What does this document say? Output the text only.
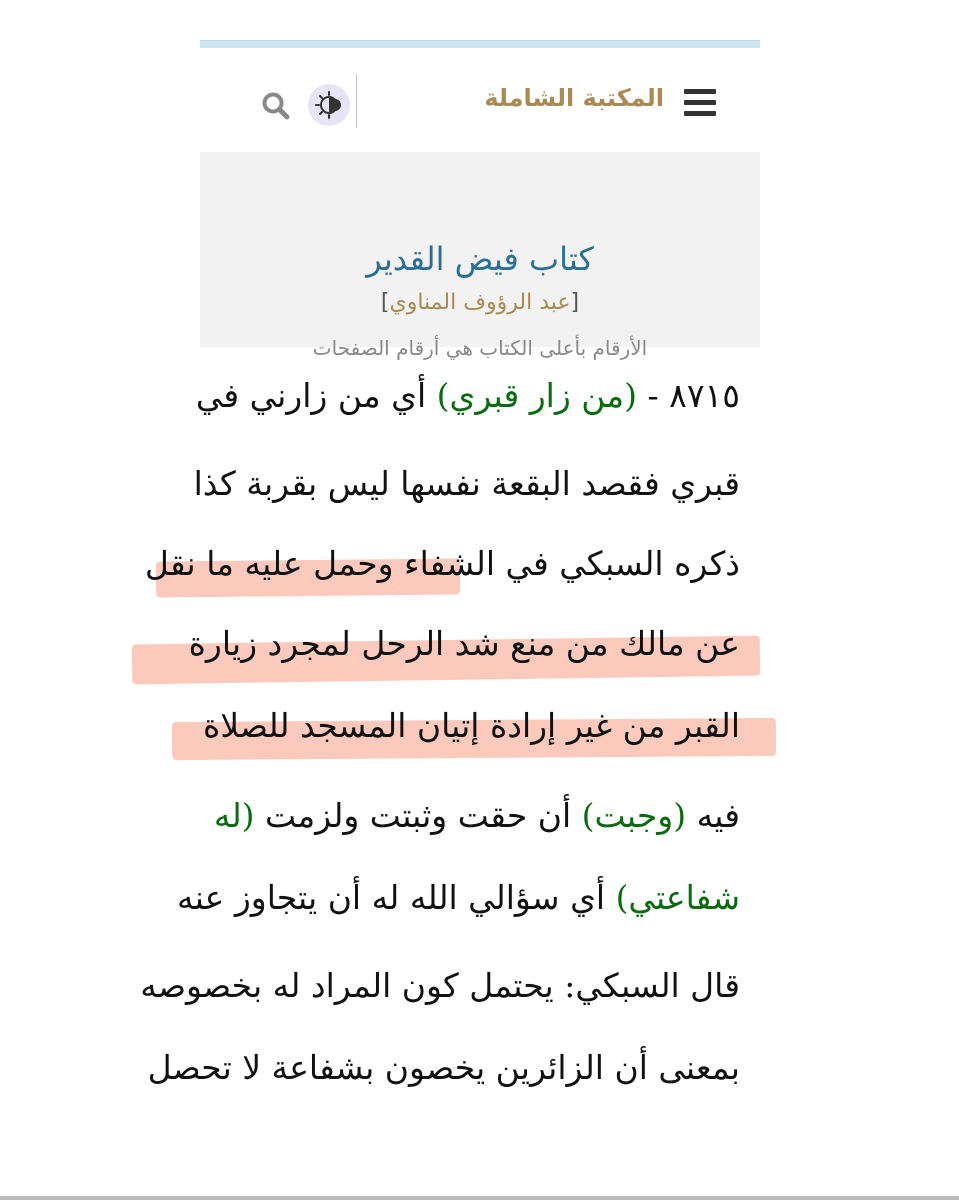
المكتبة الشاملة
كتاب فيض القدير
[عبد الرؤوف المناوي]
الأرقام بأعلى الكتاب هي أرقام الصفحات
٨٧١٥ - (من زار قبري) أي من زارني في
قبري فقصد البقعة نفسها ليس بقربة كذا
ذكره السبكي في الشفاء وحمل عليه ما نقل
عن مالك من منع شد الرحل لمجرد زيارة
القبر من غير إرادة إتيان المسجد للصلاة
فيه (وجبت) أن حقت وثبتت ولزمت (له
شفاعتي) أي سؤالي الله له أن يتجاوز عنه
قال السبكي: يحتمل كون المراد له بخصوصه
بمعنى أن الزائرين يخصون بشفاعة لا تحصل
